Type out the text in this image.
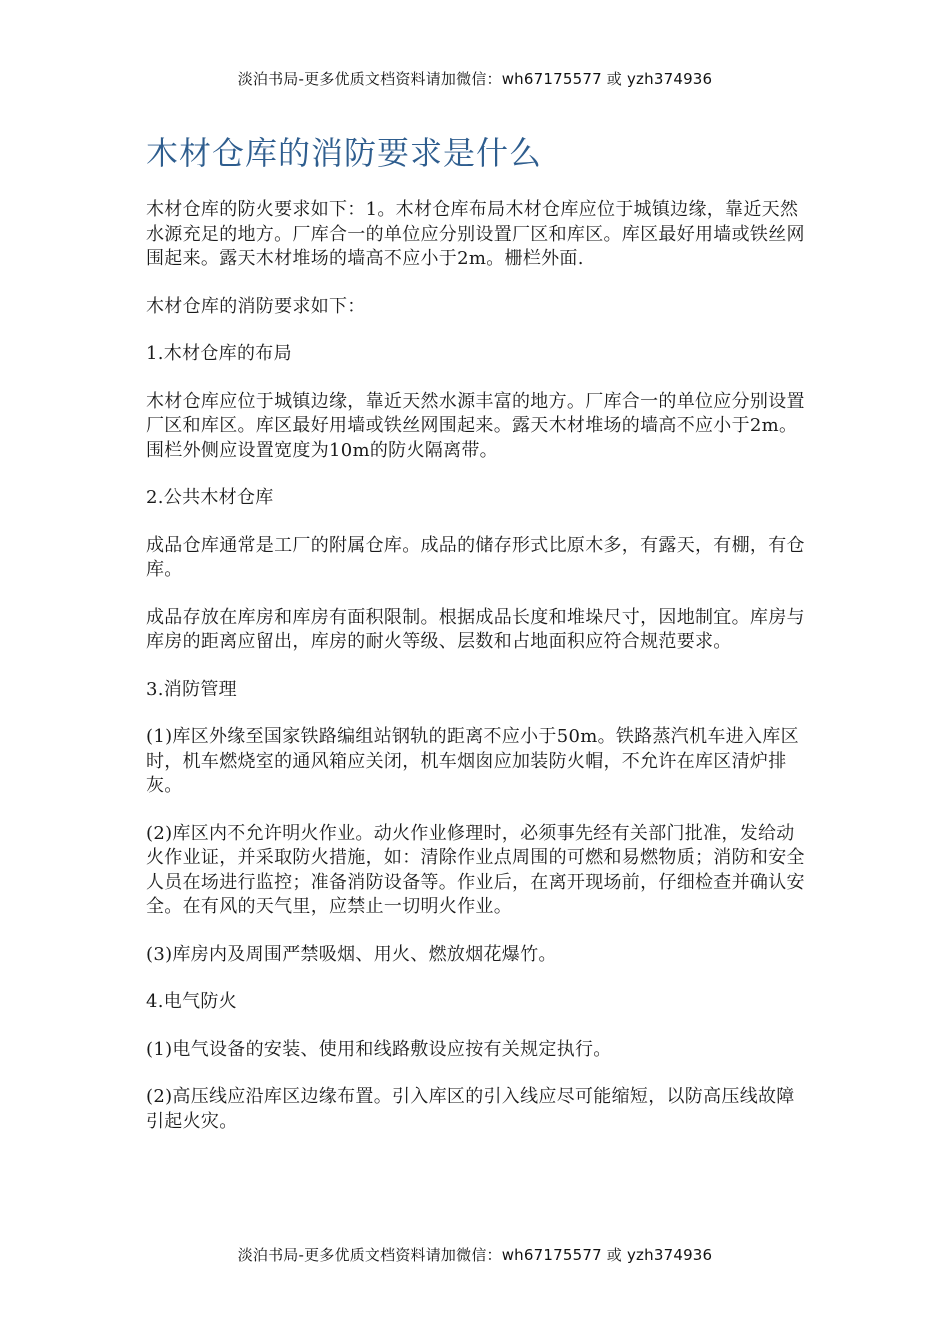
淡泊书局-更多优质文档资料请加微信：wh67175577 或 yzh374936
木材仓库的消防要求是什么

木材仓库的防火要求如下：1。木材仓库布局木材仓库应位于城镇边缘，靠近天然水源充足的地方。厂库合一的单位应分别设置厂区和库区。库区最好用墙或铁丝网围起来。露天木材堆场的墙高不应小于2m。栅栏外面.

木材仓库的消防要求如下：

1.木材仓库的布局

木材仓库应位于城镇边缘，靠近天然水源丰富的地方。厂库合一的单位应分别设置厂区和库区。库区最好用墙或铁丝网围起来。露天木材堆场的墙高不应小于2m。围栏外侧应设置宽度为10m的防火隔离带。

2.公共木材仓库

成品仓库通常是工厂的附属仓库。成品的储存形式比原木多，有露天，有棚，有仓库。

成品存放在库房和库房有面积限制。根据成品长度和堆垛尺寸，因地制宜。库房与库房的距离应留出，库房的耐火等级、层数和占地面积应符合规范要求。

3.消防管理

(1)库区外缘至国家铁路编组站钢轨的距离不应小于50m。铁路蒸汽机车进入库区时，机车燃烧室的通风箱应关闭，机车烟囱应加装防火帽，不允许在库区清炉排灰。

(2)库区内不允许明火作业。动火作业修理时，必须事先经有关部门批准，发给动火作业证，并采取防火措施，如：清除作业点周围的可燃和易燃物质；消防和安全人员在场进行监控；准备消防设备等。作业后，在离开现场前，仔细检查并确认安全。在有风的天气里，应禁止一切明火作业。

(3)库房内及周围严禁吸烟、用火、燃放烟花爆竹。

4.电气防火

(1)电气设备的安装、使用和线路敷设应按有关规定执行。

(2)高压线应沿库区边缘布置。引入库区的引入线应尽可能缩短，以防高压线故障引起火灾。

淡泊书局-更多优质文档资料请加微信：wh67175577 或 yzh374936
